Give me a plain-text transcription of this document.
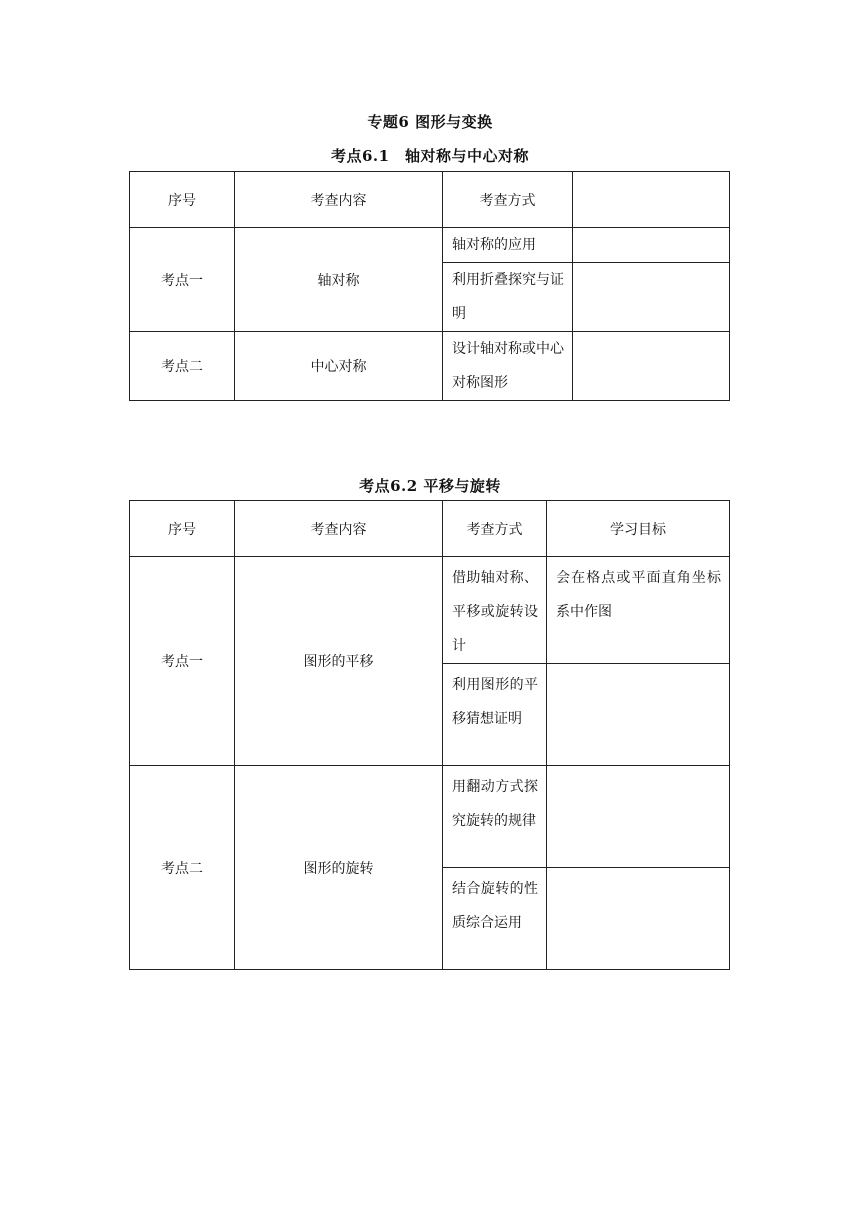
专题6 图形与变换
考点6.1　轴对称与中心对称
序号	考查内容	考查方式	
考点一	轴对称	轴对称的应用	
		利用折叠探究与证明	
考点二	中心对称	设计轴对称或中心对称图形	
考点6.2 平移与旋转
序号	考查内容	考查方式	学习目标
考点一	图形的平移	借助轴对称、平移或旋转设计	会在格点或平面直角坐标系中作图
		利用图形的平移猜想证明	
考点二	图形的旋转	用翻动方式探究旋转的规律	
		结合旋转的性质综合运用	
